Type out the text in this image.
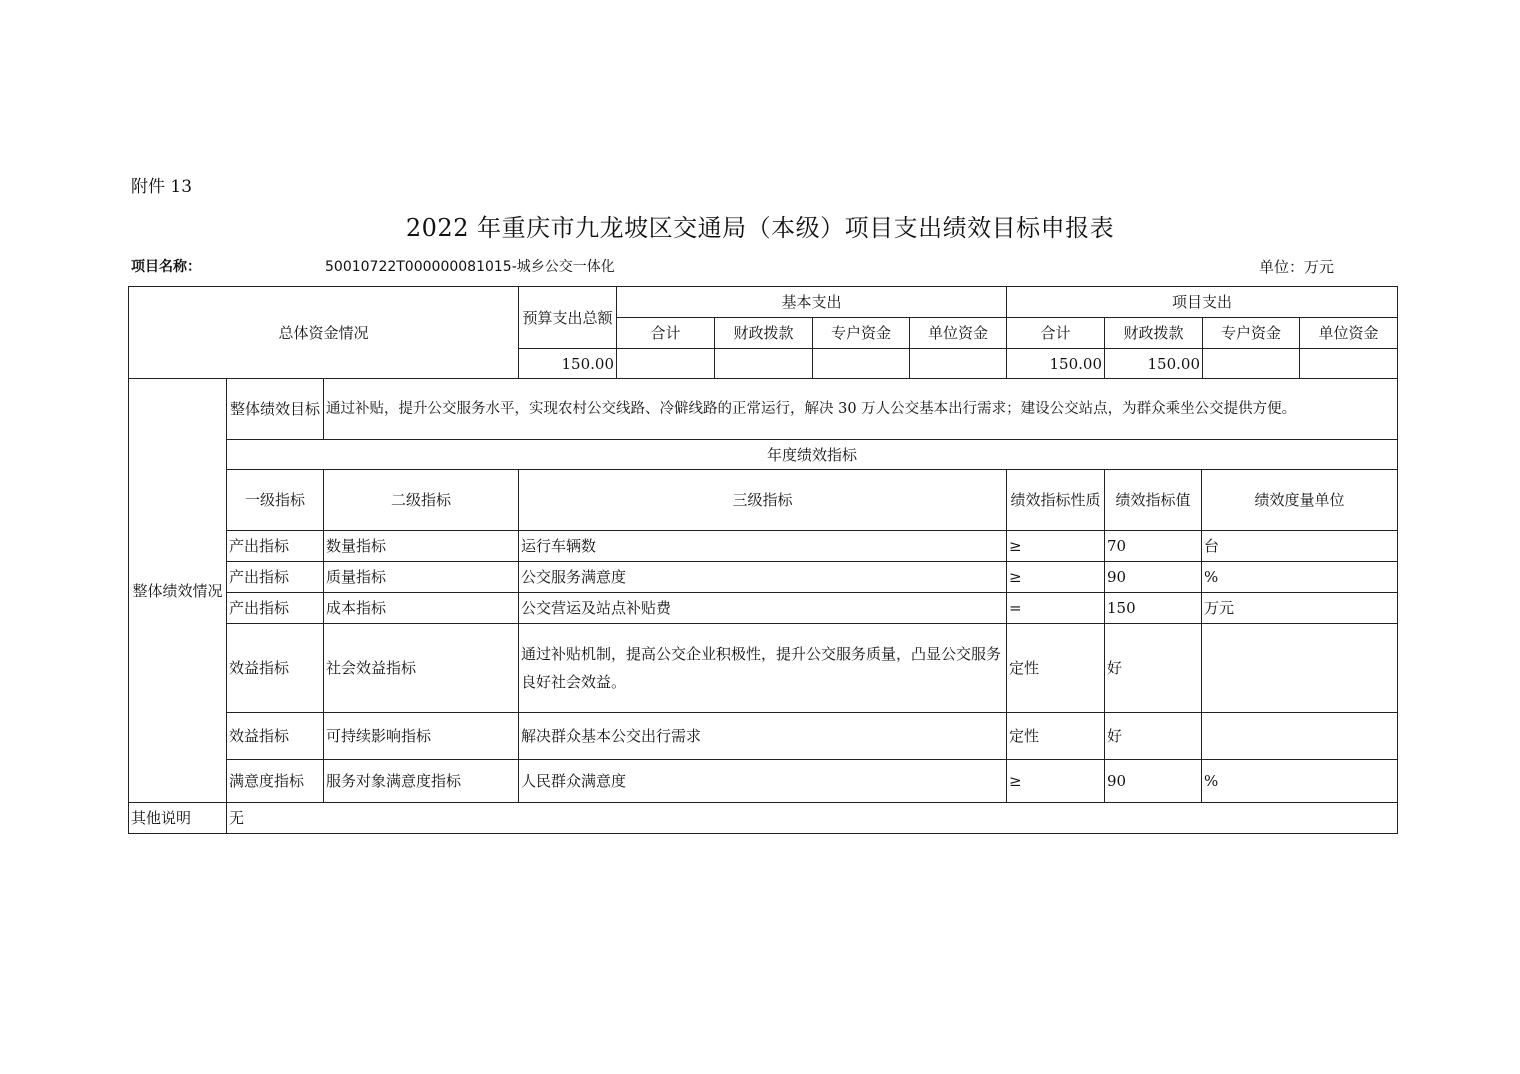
附件 13
2022 年重庆市九龙坡区交通局（本级）项目支出绩效目标申报表
项目名称：	50010722T000000081015-城乡公交一体化	单位：万元
总体资金情况	预算支出总额	基本支出				项目支出			
		合计	财政拨款	专户资金	单位资金	合计	财政拨款	专户资金	单位资金
	150.00					150.00	150.00		
整体绩效情况	整体绩效目标	通过补贴，提升公交服务水平，实现农村公交线路、冷僻线路的正常运行，解决 30 万人公交基本出行需求；建设公交站点，为群众乘坐公交提供方便。					
	年度绩效指标						
	一级指标	二级指标	三级指标	绩效指标性质	绩效指标值	绩效度量单位	
	产出指标	数量指标	运行车辆数	≥	70	台	
	产出指标	质量指标	公交服务满意度	≥	90	%	
	产出指标	成本指标	公交营运及站点补贴费	=	150	万元	
	效益指标	社会效益指标	通过补贴机制，提高公交企业积极性，提升公交服务质量，凸显公交服务良好社会效益。	定性	好		
	效益指标	可持续影响指标	解决群众基本公交出行需求	定性	好		
	满意度指标	服务对象满意度指标	人民群众满意度	≥	90	%	
其他说明	无
